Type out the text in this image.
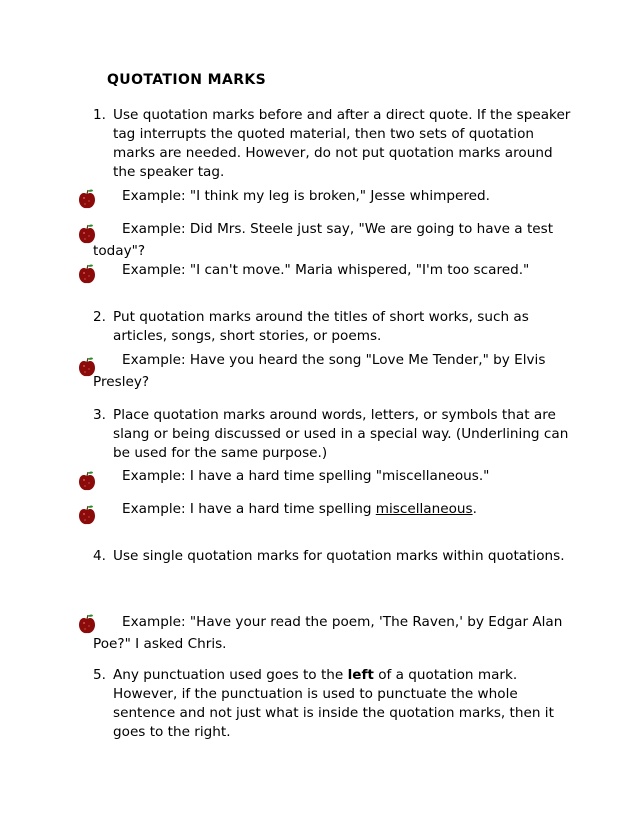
QUOTATION MARKS
1. Use quotation marks before and after a direct quote. If the speaker tag interrupts the quoted material, then two sets of quotation marks are needed. However, do not put quotation marks around the speaker tag.
Example: "I think my leg is broken," Jesse whimpered.
Example: Did Mrs. Steele just say, "We are going to have a test today"?
Example: "I can't move." Maria whispered, "I'm too scared."
2. Put quotation marks around the titles of short works, such as articles, songs, short stories, or poems.
Example: Have you heard the song "Love Me Tender," by Elvis Presley?
3. Place quotation marks around words, letters, or symbols that are slang or being discussed or used in a special way. (Underlining can be used for the same purpose.)
Example: I have a hard time spelling "miscellaneous."
Example: I have a hard time spelling miscellaneous.
4. Use single quotation marks for quotation marks within quotations.
Example: "Have your read the poem, 'The Raven,' by Edgar Alan Poe?" I asked Chris.
5. Any punctuation used goes to the left of a quotation mark. However, if the punctuation is used to punctuate the whole sentence and not just what is inside the quotation marks, then it goes to the right.
